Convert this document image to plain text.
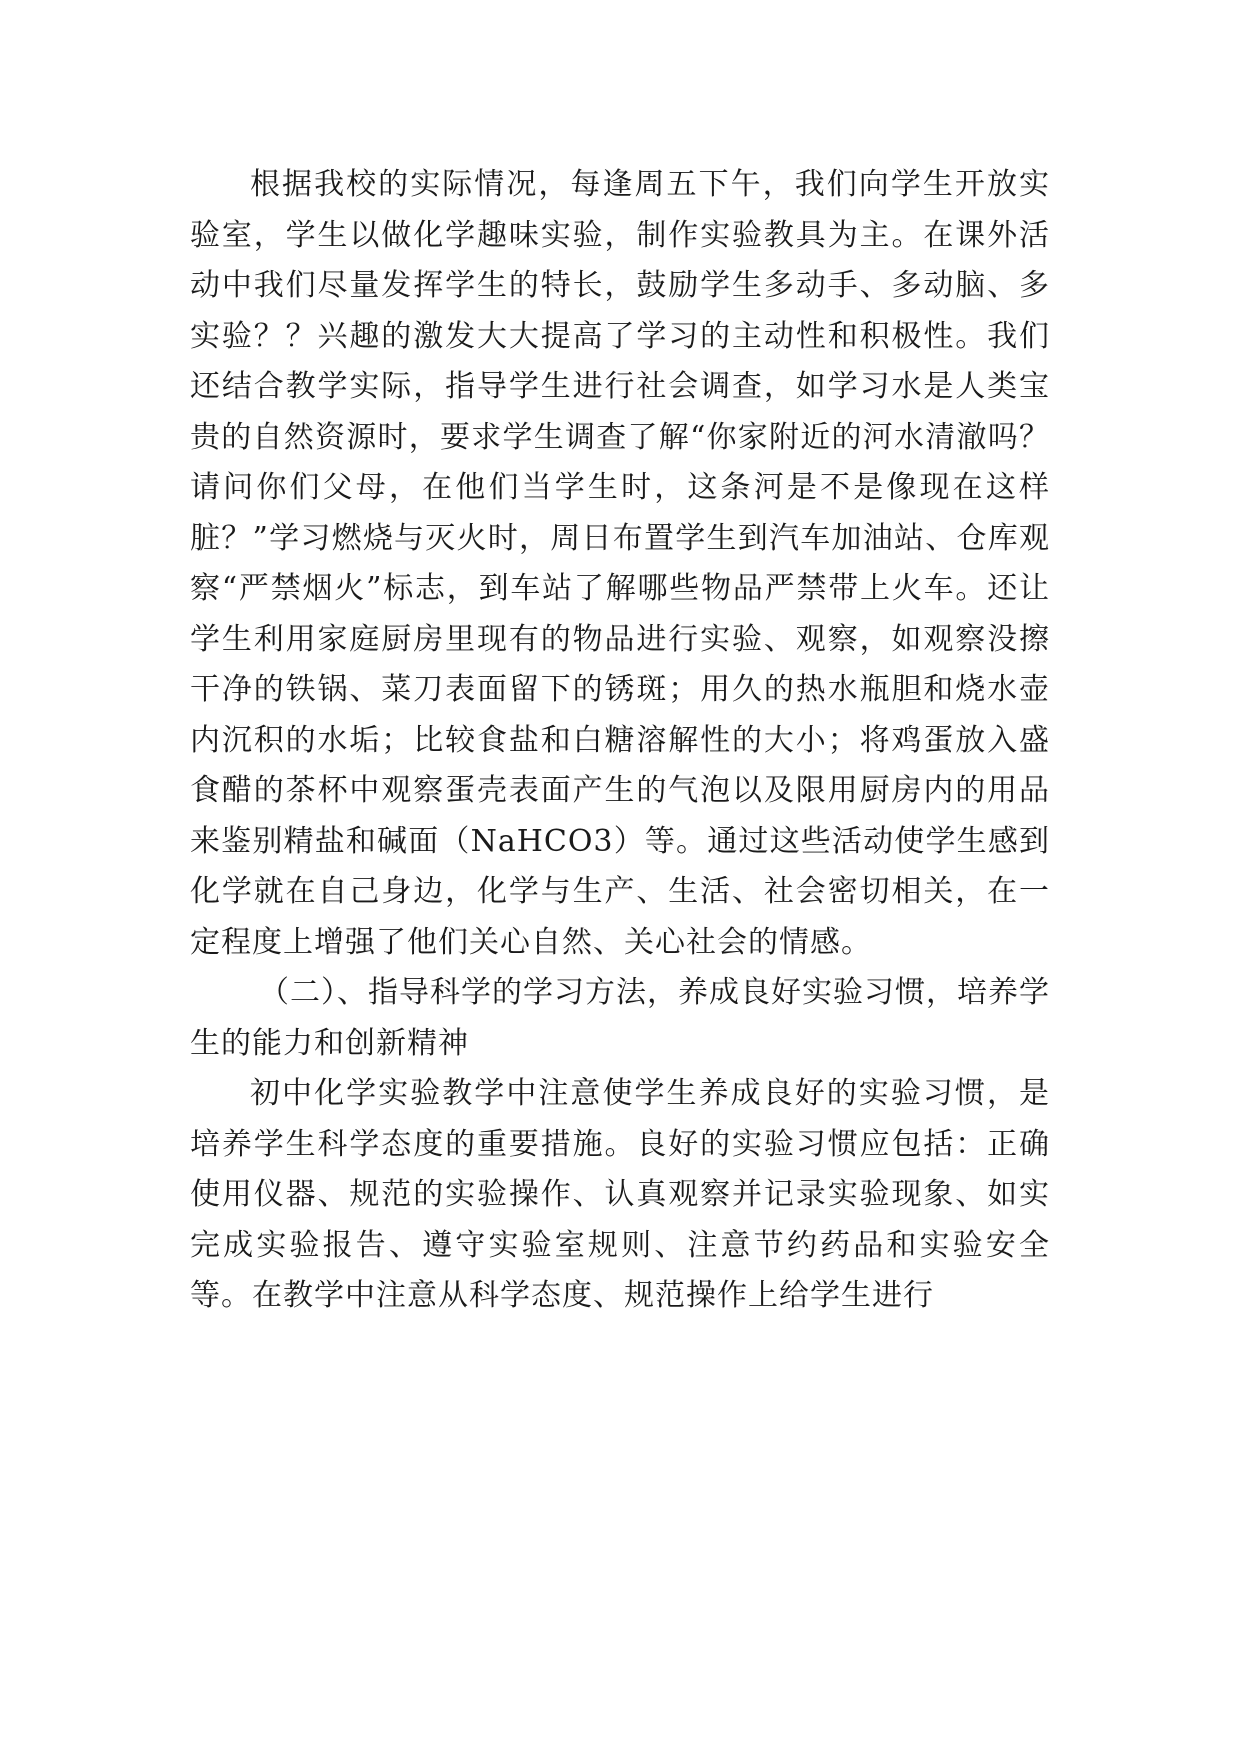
根据我校的实际情况，每逢周五下午，我们向学生开放实验室，学生以做化学趣味实验，制作实验教具为主。在课外活动中我们尽量发挥学生的特长，鼓励学生多动手、多动脑、多实验？？兴趣的激发大大提高了学习的主动性和积极性。我们还结合教学实际，指导学生进行社会调查，如学习水是人类宝贵的自然资源时，要求学生调查了解“你家附近的河水清澈吗？请问你们父母，在他们当学生时，这条河是不是像现在这样脏？”学习燃烧与灭火时，周日布置学生到汽车加油站、仓库观察“严禁烟火”标志，到车站了解哪些物品严禁带上火车。还让学生利用家庭厨房里现有的物品进行实验、观察，如观察没擦干净的铁锅、菜刀表面留下的锈斑；用久的热水瓶胆和烧水壶内沉积的水垢；比较食盐和白糖溶解性的大小；将鸡蛋放入盛食醋的茶杯中观察蛋壳表面产生的气泡以及限用厨房内的用品来鉴别精盐和碱面（NaHCO3）等。通过这些活动使学生感到化学就在自己身边，化学与生产、生活、社会密切相关，在一定程度上增强了他们关心自然、关心社会的情感。

（二）、指导科学的学习方法，养成良好实验习惯，培养学生的能力和创新精神

初中化学实验教学中注意使学生养成良好的实验习惯，是培养学生科学态度的重要措施。良好的实验习惯应包括：正确使用仪器、规范的实验操作、认真观察并记录实验现象、如实完成实验报告、遵守实验室规则、注意节约药品和实验安全等。在教学中注意从科学态度、规范操作上给学生进行
